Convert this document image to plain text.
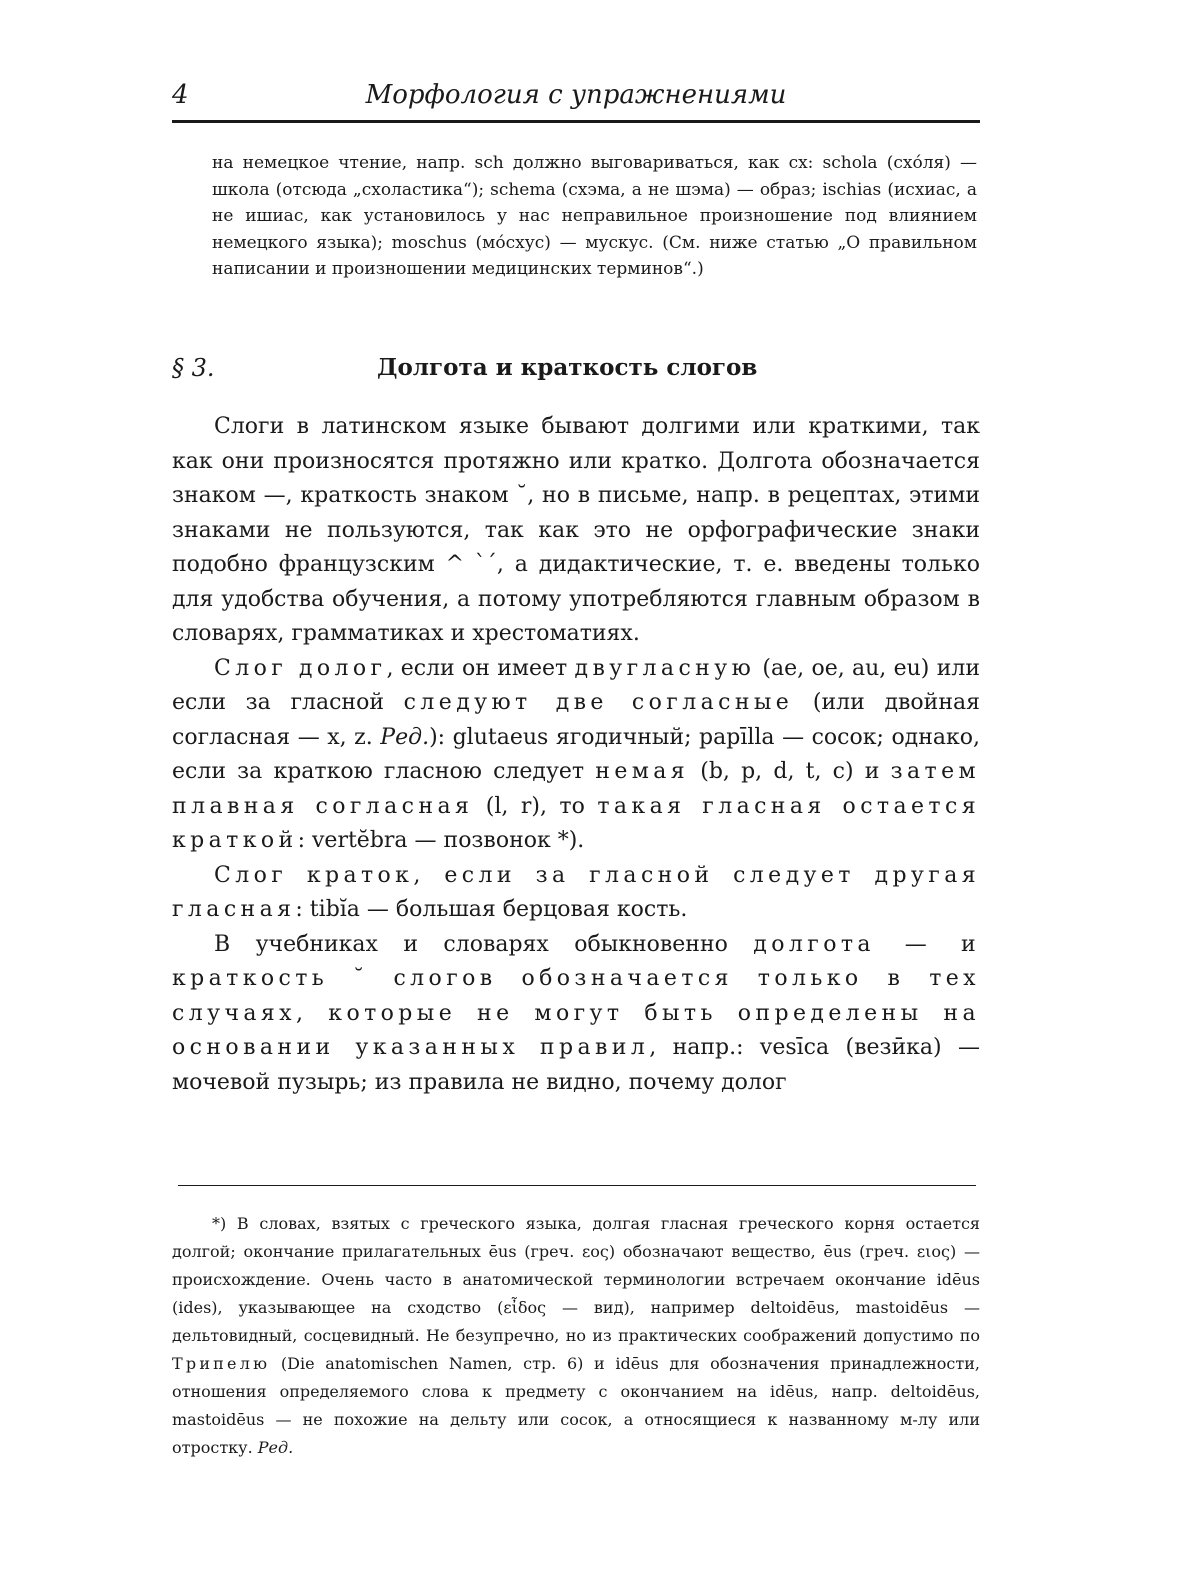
4	Морфология с упражнениями
на немецкое чтение, напр. sch должно выговариваться, как сх: schola (схо́ля) — школа (отсюда „схоластика“); schema (схэма, а не шэма) — образ; ischias (исхиас, а не ишиас, как установилось у нас неправильное произношение под влиянием немецкого языка); moschus (мо́схус) — мускус. (См. ниже статью „О правильном написании и произношении медицинских терминов“.)
§ 3.	Долгота и краткость слогов

Слоги в латинском языке бывают долгими или краткими, так как они произносятся протяжно или кратко. Долгота обозначается знаком —, краткость знаком ˘, но в письме, напр. в рецептах, этими знаками не пользуются, так как это не орфографические знаки подобно французским ^ `´, а дидактические, т. е. введены только для удобства обучения, а потому употребляются главным образом в словарях, грамматиках и хрестоматиях.

Слог долог, если он имеет двугласную (ae, oe, au, eu) или если за гласной следуют две согласные (или двойная согласная — x, z. Ред.): glutaeus ягодичный; papīlla — сосок; однако, если за краткою гласною следует немая (b, p, d, t, c) и затем плавная согласная (l, r), то такая гласная остается краткой: vertĕbra — позвонок *).

Слог краток, если за гласной следует другая гласная: tibĭa — большая берцовая кость.

В учебниках и словарях обыкновенно долгота — и краткость ˘ слогов обозначается только в тех случаях, которые не могут быть определены на основании указанных правил, напр.: vesīca (везӣка) — мочевой пузырь; из правила не видно, почему долог

*) В словах, взятых с греческого языка, долгая гласная греческого корня остается долгой; окончание прилагательных ēus (греч. εος) обозначают вещество, ēus (греч. ειος) — происхождение. Очень часто в анатомической терминологии встречаем окончание idēus (ides), указывающее на сходство (εἶδος — вид), например deltoidēus, mastoidēus — дельтовидный, сосцевидный. Не безупречно, но из практических соображений допустимо по Трипелю (Die anatomischen Namen, стр. 6) и idēus для обозначения принадлежности, отношения определяемого слова к предмету с окончанием на idēus, напр. deltoidēus, mastoidēus — не похожие на дельту или сосок, а относящиеся к названному м-лу или отростку. Ред.
